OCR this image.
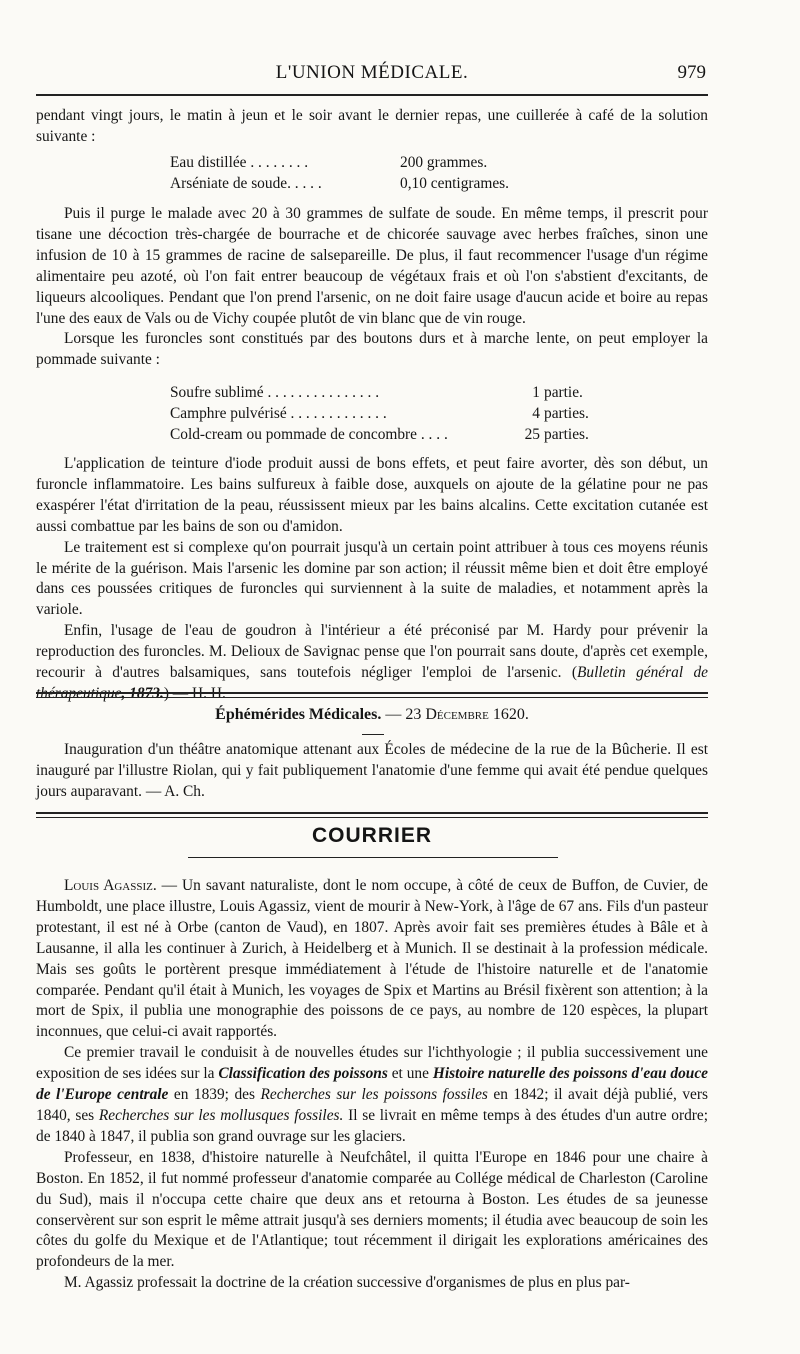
L'UNION MÉDICALE.	979

pendant vingt jours, le matin à jeun et le soir avant le dernier repas, une cuillerée à café de la solution suivante :

Eau distillée . . . . . . . .	200 grammes.
Arséniate de soude. . . . .	0,10 centigrames.

Puis il purge le malade avec 20 à 30 grammes de sulfate de soude. En même temps, il prescrit pour tisane une décoction très-chargée de bourrache et de chicorée sauvage avec herbes fraîches, sinon une infusion de 10 à 15 grammes de racine de salsepareille. De plus, il faut recommencer l'usage d'un régime alimentaire peu azoté, où l'on fait entrer beaucoup de végétaux frais et où l'on s'abstient d'excitants, de liqueurs alcooliques. Pendant que l'on prend l'arsenic, on ne doit faire usage d'aucun acide et boire au repas l'une des eaux de Vals ou de Vichy coupée plutôt de vin blanc que de vin rouge.

Lorsque les furoncles sont constitués par des boutons durs et à marche lente, on peut employer la pommade suivante :

Soufre sublimé . . . . . . . . . . . . . . .	1 partie.
Camphre pulvérisé . . . . . . . . . . . . .	4 parties.
Cold-cream ou pommade de concombre . . . .	25 parties.

L'application de teinture d'iode produit aussi de bons effets, et peut faire avorter, dès son début, un furoncle inflammatoire. Les bains sulfureux à faible dose, auxquels on ajoute de la gélatine pour ne pas exaspérer l'état d'irritation de la peau, réussissent mieux par les bains alcalins. Cette excitation cutanée est aussi combattue par les bains de son ou d'amidon.

Le traitement est si complexe qu'on pourrait jusqu'à un certain point attribuer à tous ces moyens réunis le mérite de la guérison. Mais l'arsenic les domine par son action; il réussit même bien et doit être employé dans ces poussées critiques de furoncles qui surviennent à la suite de maladies, et notamment après la variole.

Enfin, l'usage de l'eau de goudron à l'intérieur a été préconisé par M. Hardy pour prévenir la reproduction des furoncles. M. Delioux de Savignac pense que l'on pourrait sans doute, d'après cet exemple, recourir à d'autres balsamiques, sans toutefois négliger l'emploi de l'arsenic. (Bulletin général de

Éphémérides Médicales. — 23 Décembre 1620.

Inauguration d'un théâtre anatomique attenant aux Écoles de médecine de la rue de la Bûcherie. Il est inauguré par l'illustre Riolan, qui y fait publiquement l'anatomie d'une femme qui avait été pendue quelques jours auparavant. — A. Ch.

COURRIER

Louis Agassiz. — Un savant naturaliste, dont le nom occupe, à côté de ceux de Buffon, de Cuvier, de Humboldt, une place illustre, Louis Agassiz, vient de mourir à New-York, à l'âge de 67 ans. Fils d'un pasteur protestant, il est né à Orbe (canton de Vaud), en 1807. Après avoir fait ses premières études à Bâle et à Lausanne, il alla les continuer à Zurich, à Heidelberg et à Munich. Il se destinait à la profession médicale. Mais ses goûts le portèrent presque immédiatement à l'étude de l'histoire naturelle et de l'anatomie comparée. Pendant qu'il était à Munich, les voyages de Spix et Martins au Brésil fixèrent son attention; à la mort de Spix, il publia une monographie des poissons de ce pays, au nombre de 120 espèces, la plupart inconnues, que celui-ci avait rapportés.

Ce premier travail le conduisit à de nouvelles études sur l'ichthyologie ; il publia successivement une exposition de ses idées sur la Classification des poissons et une Histoire naturelle des poissons d'eau douce de l'Europe centrale en 1839; des Recherches sur les poissons fossiles en 1842; il avait déjà publié, vers 1840, ses Recherches sur les mollusques fossiles. Il se livrait en même temps à des études d'un autre ordre; de 1840 à 1847, il publia son grand ouvrage sur les glaciers.

Professeur, en 1838, d'histoire naturelle à Neufchâtel, il quitta l'Europe en 1846 pour une chaire à Boston. En 1852, il fut nommé professeur d'anatomie comparée au Collége médical de Charleston (Caroline du Sud), mais il n'occupa cette chaire que deux ans et retourna à Boston. Les études de sa jeunesse conservèrent sur son esprit le même attrait jusqu'à ses derniers moments; il étudia avec beaucoup de soin les côtes du golfe du Mexique et de l'Atlantique; tout récemment il dirigait les explorations américaines des profondeurs de la mer.

M. Agassiz professait la doctrine de la création successive d'organismes de plus en plus par-
